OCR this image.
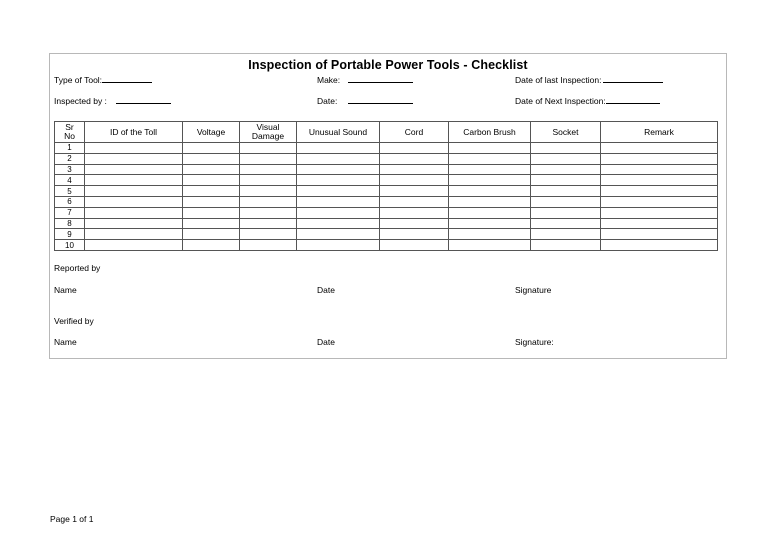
Inspection of Portable Power Tools - Checklist
Type of Tool:	Make:	Date of last Inspection:
Inspected by :	Date:	Date of Next Inspection:
Sr No	ID of the Toll	Voltage	Visual Damage	Unusual Sound	Cord	Carbon Brush	Socket	Remark
1								
2								
3								
4								
5								
6								
7								
8								
9								
10								
Reported by
Name	Date	Signature
Verified by
Name	Date	Signature:
Page 1 of 1
